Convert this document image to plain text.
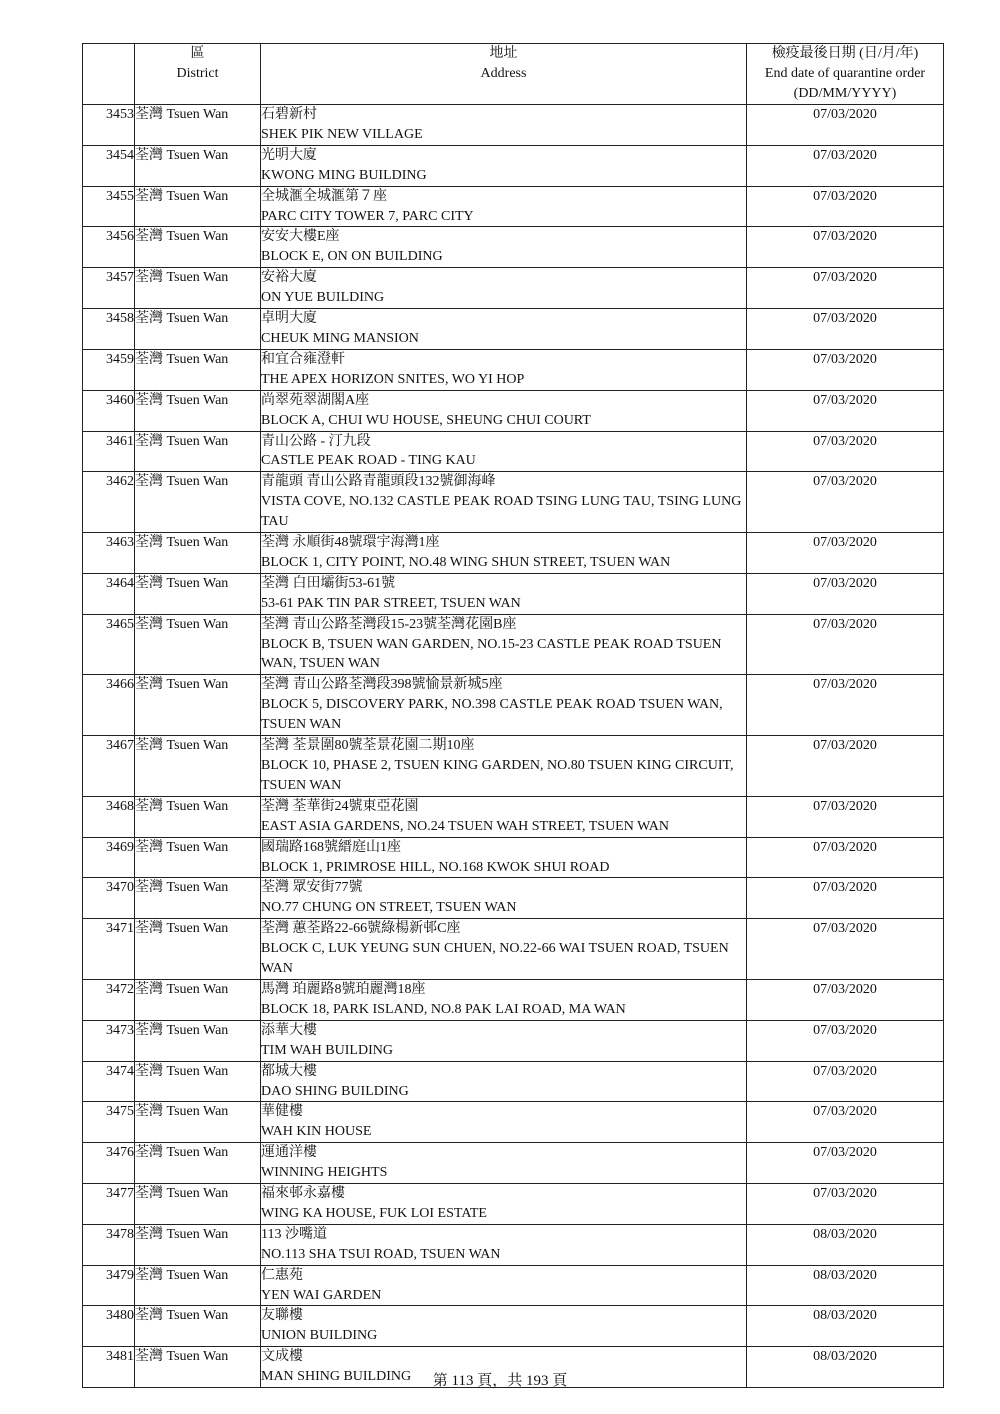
	區
District	地址
Address	檢疫最後日期 (日/月/年)
End date of quarantine order
(DD/MM/YYYY)

3453	荃灣 Tsuen Wan	石碧新村
SHEK PIK NEW VILLAGE	07/03/2020
3454	荃灣 Tsuen Wan	光明大廈
KWONG MING BUILDING	07/03/2020
3455	荃灣 Tsuen Wan	全城滙全城滙第７座
PARC CITY TOWER 7, PARC CITY	07/03/2020
3456	荃灣 Tsuen Wan	安安大樓E座
BLOCK E, ON ON BUILDING	07/03/2020
3457	荃灣 Tsuen Wan	安裕大廈
ON YUE BUILDING	07/03/2020
3458	荃灣 Tsuen Wan	卓明大廈
CHEUK MING MANSION	07/03/2020
3459	荃灣 Tsuen Wan	和宜合雍澄軒
THE APEX HORIZON SNITES, WO YI HOP	07/03/2020
3460	荃灣 Tsuen Wan	尚翠苑翠湖閣A座
BLOCK A, CHUI WU HOUSE, SHEUNG CHUI COURT	07/03/2020
3461	荃灣 Tsuen Wan	青山公路 - 汀九段
CASTLE PEAK ROAD - TING KAU	07/03/2020
3462	荃灣 Tsuen Wan	青龍頭 青山公路青龍頭段132號御海峰
VISTA COVE, NO.132 CASTLE PEAK ROAD TSING LUNG TAU, TSING LUNG TAU	07/03/2020
3463	荃灣 Tsuen Wan	荃灣 永順街48號環宇海灣1座
BLOCK 1, CITY POINT, NO.48 WING SHUN STREET, TSUEN WAN	07/03/2020
3464	荃灣 Tsuen Wan	荃灣 白田壩街53-61號
53-61 PAK TIN PAR STREET, TSUEN WAN	07/03/2020
3465	荃灣 Tsuen Wan	荃灣 青山公路荃灣段15-23號荃灣花園B座
BLOCK B, TSUEN WAN GARDEN, NO.15-23 CASTLE PEAK ROAD TSUEN WAN, TSUEN WAN	07/03/2020
3466	荃灣 Tsuen Wan	荃灣 青山公路荃灣段398號愉景新城5座
BLOCK 5, DISCOVERY PARK, NO.398 CASTLE PEAK ROAD TSUEN WAN, TSUEN WAN	07/03/2020
3467	荃灣 Tsuen Wan	荃灣 荃景圍80號荃景花園二期10座
BLOCK 10, PHASE 2, TSUEN KING GARDEN, NO.80 TSUEN KING CIRCUIT, TSUEN WAN	07/03/2020
3468	荃灣 Tsuen Wan	荃灣 荃華街24號東亞花園
EAST ASIA GARDENS, NO.24 TSUEN WAH STREET, TSUEN WAN	07/03/2020
3469	荃灣 Tsuen Wan	國瑞路168號縉庭山1座
BLOCK 1, PRIMROSE HILL, NO.168 KWOK SHUI ROAD	07/03/2020
3470	荃灣 Tsuen Wan	荃灣 眾安街77號
NO.77 CHUNG ON STREET, TSUEN WAN	07/03/2020
3471	荃灣 Tsuen Wan	荃灣 蕙荃路22-66號綠楊新邨C座
BLOCK C, LUK YEUNG SUN CHUEN, NO.22-66 WAI TSUEN ROAD, TSUEN WAN	07/03/2020
3472	荃灣 Tsuen Wan	馬灣 珀麗路8號珀麗灣18座
BLOCK 18, PARK ISLAND, NO.8 PAK LAI ROAD, MA WAN	07/03/2020
3473	荃灣 Tsuen Wan	添華大樓
TIM WAH BUILDING	07/03/2020
3474	荃灣 Tsuen Wan	都城大樓
DAO SHING BUILDING	07/03/2020
3475	荃灣 Tsuen Wan	華健樓
WAH KIN HOUSE	07/03/2020
3476	荃灣 Tsuen Wan	運通洋樓
WINNING HEIGHTS	07/03/2020
3477	荃灣 Tsuen Wan	福來邨永嘉樓
WING KA HOUSE, FUK LOI ESTATE	07/03/2020
3478	荃灣 Tsuen Wan	113 沙嘴道
NO.113 SHA TSUI ROAD, TSUEN WAN	08/03/2020
3479	荃灣 Tsuen Wan	仁惠苑
YEN WAI GARDEN	08/03/2020
3480	荃灣 Tsuen Wan	友聯樓
UNION BUILDING	08/03/2020
3481	荃灣 Tsuen Wan	文成樓
MAN SHING BUILDING	08/03/2020
第 113 頁，共 193 頁
